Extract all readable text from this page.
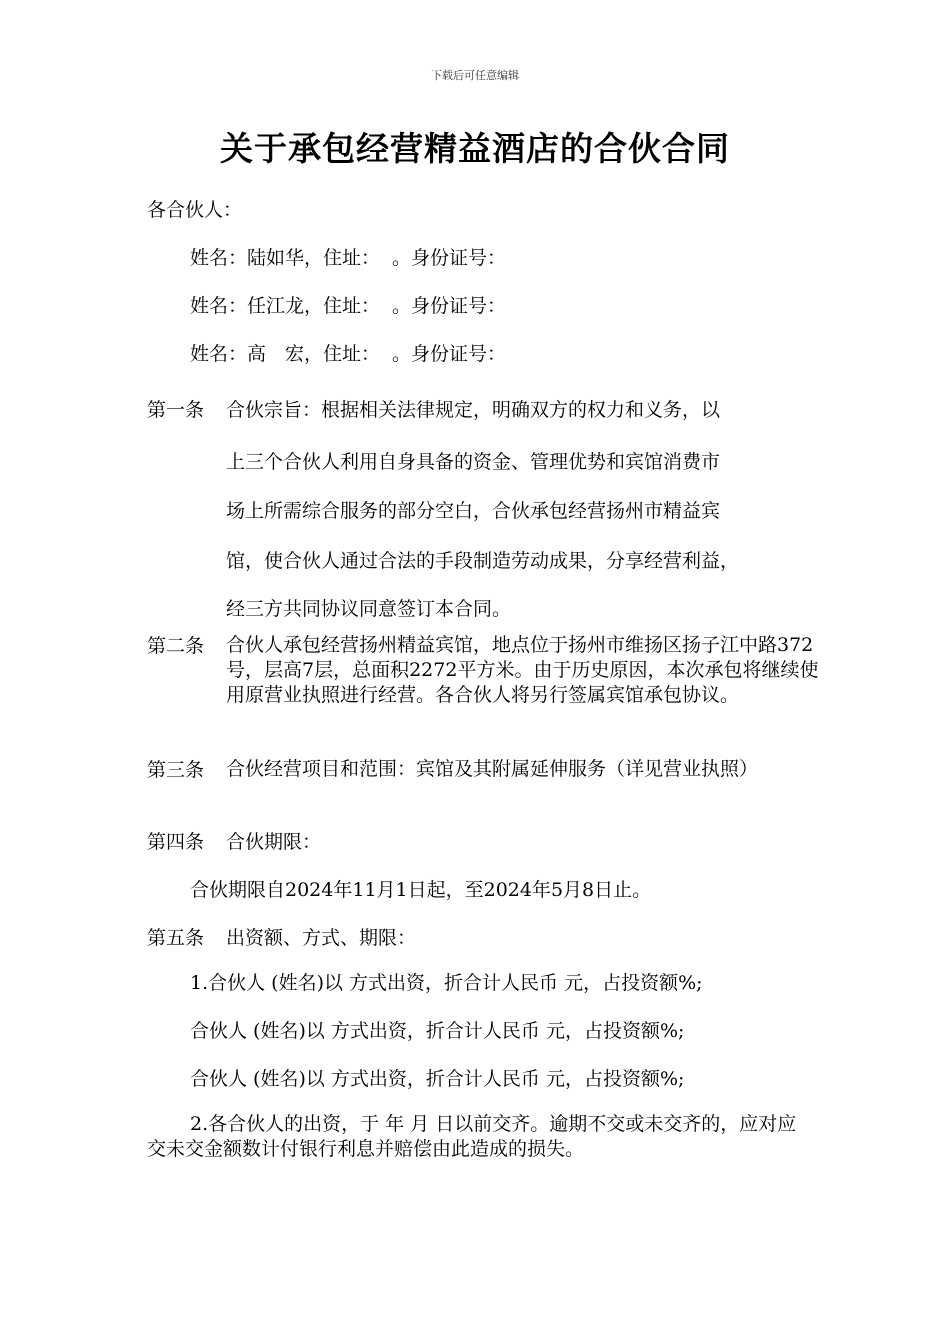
下载后可任意编辑
关于承包经营精益酒店的合伙合同
各合伙人：
姓名：陆如华，住址： 。身份证号：
姓名：任江龙，住址： 。身份证号：
姓名：高　宏，住址： 。身份证号：
第一条 合伙宗旨：根据相关法律规定，明确双方的权力和义务，以
上三个合伙人利用自身具备的资金、管理优势和宾馆消费市
场上所需综合服务的部分空白，合伙承包经营扬州市精益宾
馆，使合伙人通过合法的手段制造劳动成果，分享经营利益，
经三方共同协议同意签订本合同。
第二条 合伙人承包经营扬州精益宾馆，地点位于扬州市维扬区扬子江中路372号，层高7层，总面积2272平方米。由于历史原因，本次承包将继续使用原营业执照进行经营。各合伙人将另行签属宾馆承包协议。
第三条	合伙经营项目和范围：宾馆及其附属延伸服务（详见营业执照）
第四条 合伙期限：
合伙期限自2024年11月1日起，至2024年5月8日止。
第五条 出资额、方式、期限：
1.合伙人 (姓名)以 方式出资，折合计人民币 元，占投资额%;
合伙人 (姓名)以 方式出资，折合计人民币 元，占投资额%;
合伙人 (姓名)以 方式出资，折合计人民币 元，占投资额%;
2.各合伙人的出资，于 年 月 日以前交齐。逾期不交或未交齐的，应对应交未交金额数计付银行利息并赔偿由此造成的损失。
